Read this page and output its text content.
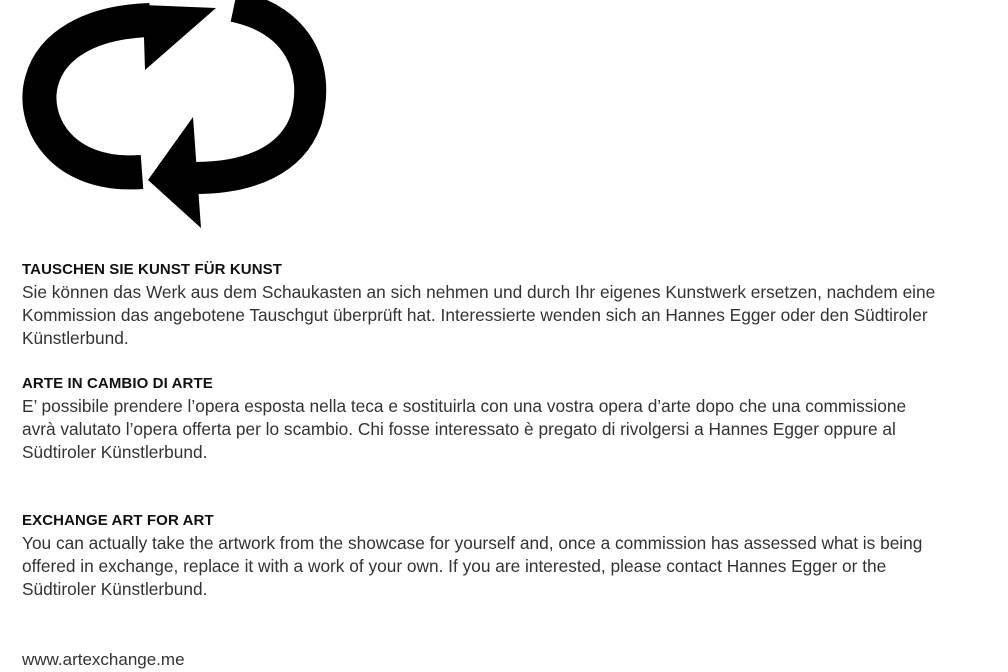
TAUSCHEN SIE KUNST FÜR KUNST
Sie können das Werk aus dem Schaukasten an sich nehmen und durch Ihr eigenes Kunstwerk ersetzen, nachdem eine
Kommission das angebotene Tauschgut überprüft hat. Interessierte wenden sich an Hannes Egger oder den Südtiroler
Künstlerbund.
ARTE IN CAMBIO DI ARTE
E’ possibile prendere l’opera esposta nella teca e sostituirla con una vostra opera d’arte dopo che una commissione
avrà valutato l’opera offerta per lo scambio. Chi fosse interessato è pregato di rivolgersi a Hannes Egger oppure al
Südtiroler Künstlerbund.
EXCHANGE ART FOR ART
You can actually take the artwork from the showcase for yourself and, once a commission has assessed what is being
offered in exchange, replace it with a work of your own. If you are interested, please contact Hannes Egger or the
Südtiroler Künstlerbund.
www.artexchange.me
